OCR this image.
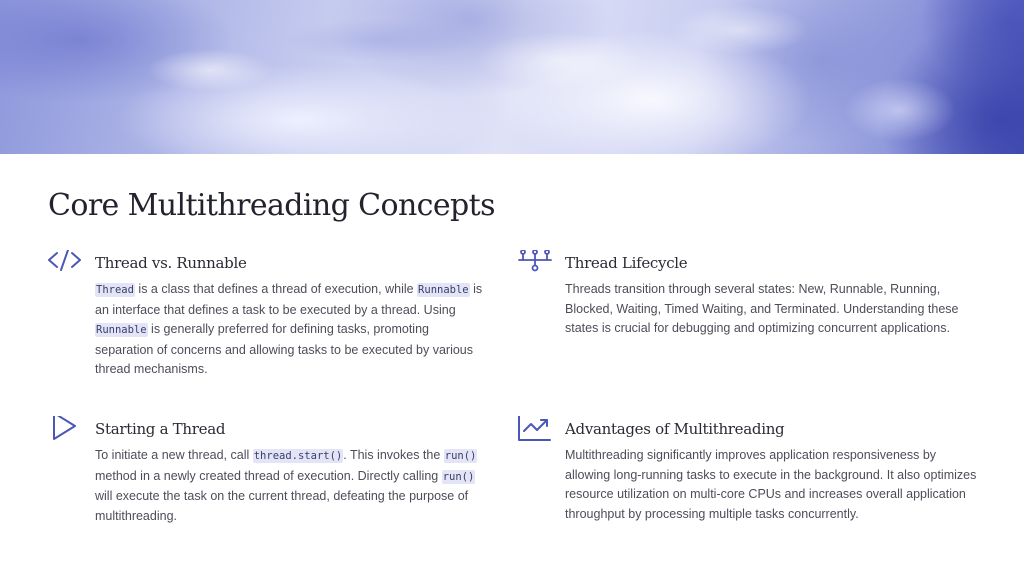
Core Multithreading Concepts
Thread vs. Runnable

Thread is a class that defines a thread of execution, while Runnable is an interface that defines a task to be executed by a thread. Using Runnable is generally preferred for defining tasks, promoting separation of concerns and allowing tasks to be executed by various thread mechanisms.

Thread Lifecycle

Threads transition through several states: New, Runnable, Running, Blocked, Waiting, Timed Waiting, and Terminated. Understanding these states is crucial for debugging and optimizing concurrent applications.

Starting a Thread

To initiate a new thread, call thread.start(). This invokes the run() method in a newly created thread of execution. Directly calling run() will execute the task on the current thread, defeating the purpose of multithreading.

Advantages of Multithreading

Multithreading significantly improves application responsiveness by allowing long-running tasks to execute in the background. It also optimizes resource utilization on multi-core CPUs and increases overall application throughput by processing multiple tasks concurrently.
